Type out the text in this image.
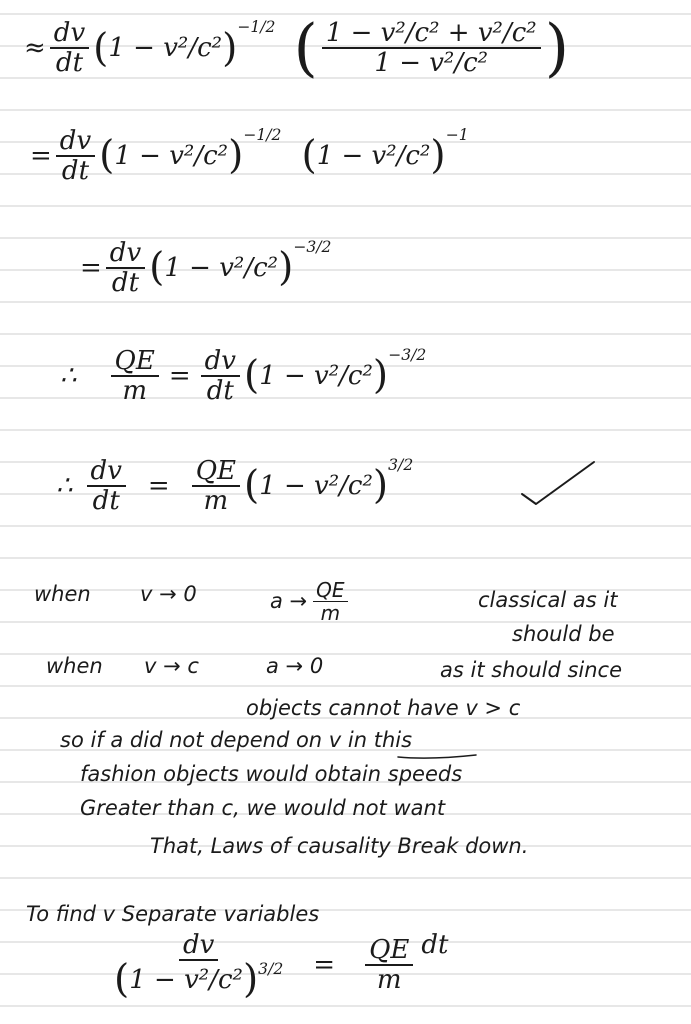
≈ $\frac{dv}{dt}$ ( 1 − v²/c² )$^{-1/2}$ ( $\frac{\text{1 − v²/c² + v²/c²}}{\text{1 − v²/c²}}$ )
= $\frac{dv}{dt}$ ( 1 − v²/c² )$^{-1/2}$ ( 1 − v²/c² )$^{-1}$
= $\frac{dv}{dt}$ ( 1 − v²/c² )$^{-3/2}$
∴ $\frac{QE}{m} = \frac{dv}{dt}$ ( 1 − v²/c² )$^{-3/2}$
∴ $\frac{dv}{dt} = \frac{QE}{m}$ ( 1 − v²/c² )$^{3/2}$
when v → 0	$a \to \frac{QE}{m}$	classical as it
should be
when v → c	a → 0	as it should since
objects cannot have v > c
so if a did not depend on v in this
fashion objects would obtain speeds
Greater than c, we would not want
That, Laws of causality Break down.
To find v Separate variables
$\frac{dv}{( 1 - v^2/c^2 )^{3/2}} = \frac{QE}{m}$ dt
